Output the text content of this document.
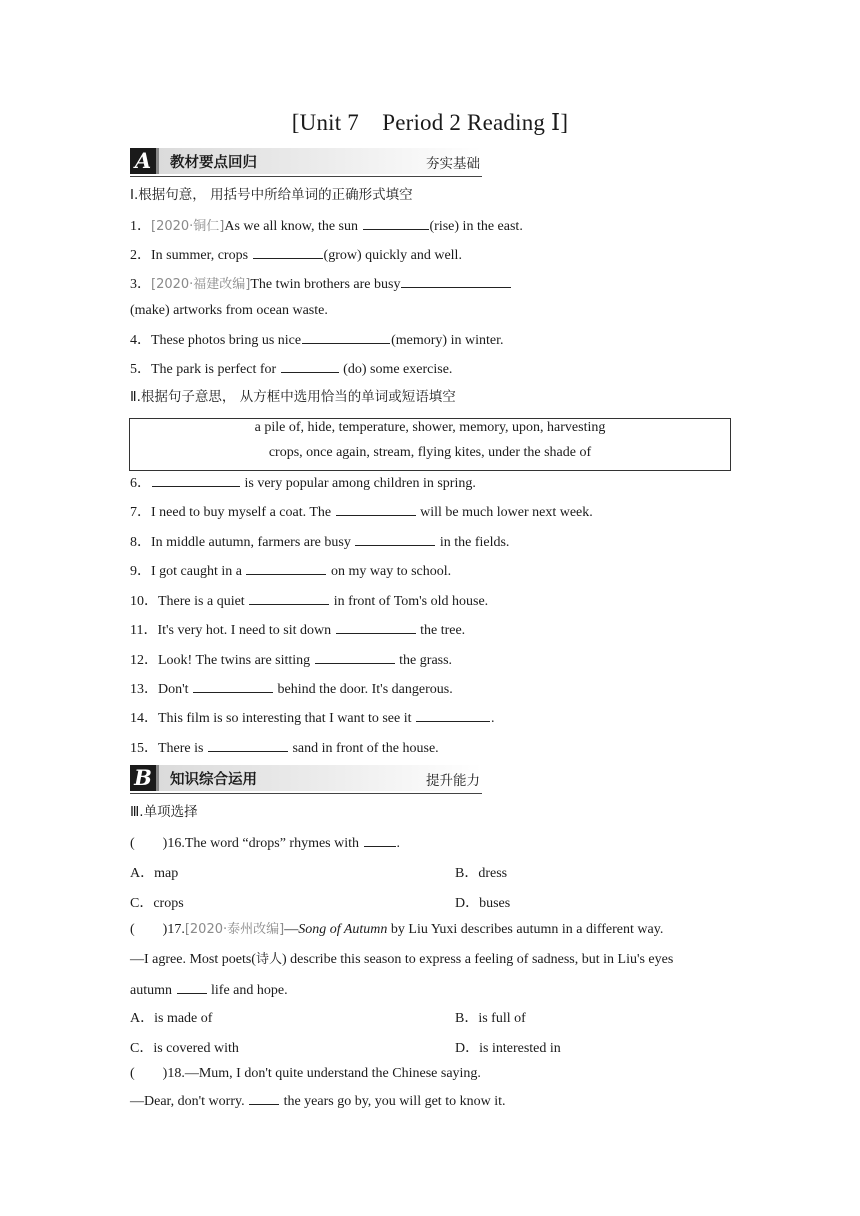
[Unit 7　Period 2 Reading Ⅰ]
A	教材要点回归	夯实基础
Ⅰ.根据句意， 用括号中所给单词的正确形式填空
1．[2020·铜仁]As we all know, the sun	(rise) in the east.
2．In summer, crops	(grow) quickly and well.
3．[2020·福建改编]The twin brothers are busy
(make) artworks from ocean waste.
4．These photos bring us nice	(memory) in winter.
5．The park is perfect for	(do) some exercise.
Ⅱ.根据句子意思， 从方框中选用恰当的单词或短语填空
a pile of, hide, temperature, shower, memory, upon, harvesting
crops, once again, stream, flying kites, under the shade of
6．	is very popular among children in spring.
7．I need to buy myself a coat. The	will be much lower next week.
8．In middle autumn, farmers are busy	in the fields.
9．I got caught in a	on my way to school.
10．There is a quiet	in front of Tom's old house.
11．It's very hot. I need to sit down	the tree.
12．Look! The twins are sitting	the grass.
13．Don't	behind the door. It's dangerous.
14．This film is so interesting that I want to see it	.
15．There is	sand in front of the house.
B	知识综合运用	提升能力
Ⅲ.单项选择
(　　)16.The word “drops” rhymes with .
A．map	B．dress
C．crops	D．buses
(　　)17.[2020·泰州改编]—Song of Autumn by Liu Yuxi describes autumn in a different way.
—I agree. Most poets(诗人) describe this season to express a feeling of sadness, but in Liu's eyes
autumn  life and hope.
A．is made of	B．is full of
C．is covered with	D．is interested in
(　　)18.—Mum, I don't quite understand the Chinese saying.
—Dear, don't worry.  the years go by, you will get to know it.
